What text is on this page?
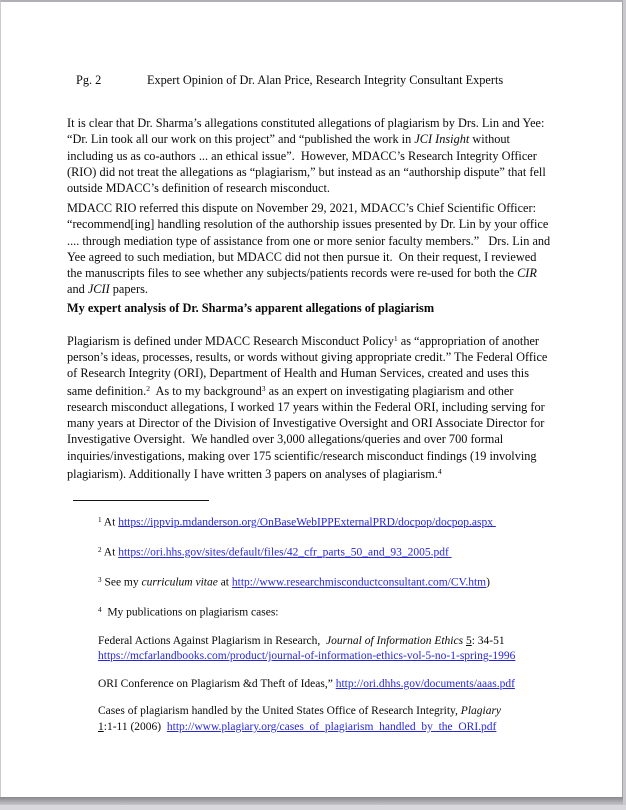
Pg. 2	Expert Opinion of Dr. Alan Price, Research Integrity Consultant Experts
It is clear that Dr. Sharma’s allegations constituted allegations of plagiarism by Drs. Lin and Yee:
“Dr. Lin took all our work on this project” and “published the work in JCI Insight without
including us as co-authors ... an ethical issue”.  However, MDACC’s Research Integrity Officer
(RIO) did not treat the allegations as “plagiarism,” but instead as an “authorship dispute” that fell
outside MDACC’s definition of research misconduct.
MDACC RIO referred this dispute on November 29, 2021, MDACC’s Chief Scientific Officer:
“recommend[ing] handling resolution of the authorship issues presented by Dr. Lin by your office
.... through mediation type of assistance from one or more senior faculty members.”   Drs. Lin and
Yee agreed to such mediation, but MDACC did not then pursue it.  On their request, I reviewed
the manuscripts files to see whether any subjects/patients records were re-used for both the CIR
and JCII papers.
My expert analysis of Dr. Sharma’s apparent allegations of plagiarism
Plagiarism is defined under MDACC Research Misconduct Policy$^1$ as “appropriation of another
person’s ideas, processes, results, or words without giving appropriate credit.” The Federal Office
of Research Integrity (ORI), Department of Health and Human Services, created and uses this
same definition.$^2$  As to my background$^3$ as an expert on investigating plagiarism and other
research misconduct allegations, I worked 17 years within the Federal ORI, including serving for
many years at Director of the Division of Investigative Oversight and ORI Associate Director for
Investigative Oversight.  We handled over 3,000 allegations/queries and over 700 formal
inquiries/investigations, making over 175 scientific/research misconduct findings (19 involving
plagiarism). Additionally I have written 3 papers on analyses of plagiarism.$^4$
$^1$ At https://ippvip.mdanderson.org/OnBaseWebIPPExternalPRD/docpop/docpop.aspx
$^2$ At https://ori.hhs.gov/sites/default/files/42_cfr_parts_50_and_93_2005.pdf
$^3$ See my curriculum vitae at http://www.researchmisconductconsultant.com/CV.htm)
$^4$  My publications on plagiarism cases:
Federal Actions Against Plagiarism in Research,  Journal of Information Ethics 5: 34-51
https://mcfarlandbooks.com/product/journal-of-information-ethics-vol-5-no-1-spring-1996
ORI Conference on Plagiarism &d Theft of Ideas,” http://ori.dhhs.gov/documents/aaas.pdf
Cases of plagiarism handled by the United States Office of Research Integrity, Plagiary
1:1-11 (2006)  http://www.plagiary.org/cases_of_plagiarism_handled_by_the_ORI.pdf
